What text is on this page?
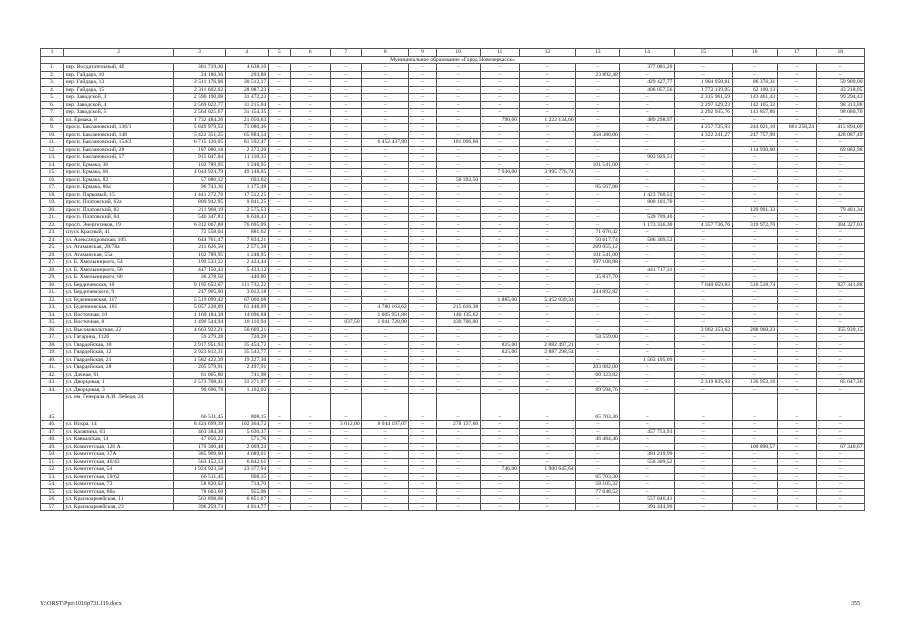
1	2	3	4	5	6	7	8	9	10	11	12	13	14	15	16	17	18
Муниципальное образование «Город Новочеркасск»																	
1.	пер. Восдатательный, 4б	381 719,30	4 638,10	–	–	–	–	–	–	–	–	–	377 081,20	–	–	–	–
2.	пер. Гайдара, 10	24 186,36	293,88	–	–	–	–	–	–	–	–	23 892,48	–	–	–	–	–
3.	пер. Гайдара, 13	2 511 176,06	30 512,17	–	–	–	–	–	–	–	–	–	429 427,77	1 904 950,81	86 376,31	–	59 909,00
4.	пер. Гайдара, 15	2 311 602,02	28 087,23	–	–	–	–	–	–	–	–	–	406 057,56	1 772 139,05	62 100,13	–	43 218,05
5.	пер. Заводской, 3	2 590 190,08	31 472,23	–	–	–	–	–	–	–	–	–	–	2 315 961,59	143 461,43	–	99 294,43
6.	пер. Заводской, 4	2 569 022,77	31 215,04	–	–	–	–	–	–	–	–	–	–	2 297 329,23	142 165,32	–	98 313,08
7.	пер. Заводской, 5	2 564 025,67	31 154,35	–	–	–	–	–	–	–	–	–	–	2 292 935,76	141 857,86	–	98 080,70
8.	пл. Ермака, 8	1 732 484,26	21 050,63	–	–	–	–	–	–	790,00	1 222 134,66	–	489 298,97	–	–	–	–
9.	просп. Баклановский, 136/1	5 849 979,52	71 080,46	–	–	–	–	–	–	–	–	–	–	4 257 725,93	244 021,10	861 258,24	415 894,09
10.	просп. Баклановский, 148	5 422 351,25	65 884,54	–	–	–	–	–	–	–	–	358 380,06	–	4 322 241,27	247 757,99	–	428 087,49
11.	просп. Баклановский, 154/2	6 715 126,05	81 592,47	–	–	–	6 452 437,80	–	181 096,68	–	–	–	–	–	–	–	–
12.	просп. Баклановский, 28	187 086,18	2 273,20	–	–	–	–	–	–	–	–	–	–	–	114 930,00	–	69 882,98
13.	просп. Баклановский, 57	915 047,84	11 118,33	–	–	–	–	–	–	–	–	–	903 929,51	–	–	–	–
14.	просп. Ермака, 36	102 789,95	1 248,95	–	–	–	–	–	–	–	–	101 541,00	–	–	–	–	–
15.	просп. Ермака, 66	4 044 924,79	49 148,05	–	–	–	–	–	–	7 936,00	3 995 776,74	–	–	–	–	–	–
16.	просп. Ермака, 82	57 086,12	693,62	–	–	–	–	–	56 392,50	–	–	–	–	–	–	–	–
17.	просп. Ермака, 86а	96 743,36	1 175,48	–	–	–	–	–	–	–	–	95 567,88	–	–	–	–	–
18.	просп. Парковый, 15	1 441 272,76	17 512,25	–	–	–	–	–	–	–	–	–	1 423 760,51	–	–	–	–
19.	просп. Платовский, 62а	809 942,95	9 841,25	–	–	–	–	–	–	–	–	–	800 101,70	–	–	–	–
20.	просп. Платовский, 82	211 968,19	2 575,53	–	–	–	–	–	–	–	–	–	–	–	129 991,32	–	79 401,34
21.	просп. Платовский, 84	546 347,83	6 638,43	–	–	–	–	–	–	–	–	–	539 709,40	–	–	–	–
22.	просп. Энергетиков, 19	6 312 067,88	76 695,09	–	–	–	–	–	–	–	–	–	1 173 336,30	4 357 736,76	319 972,70	–	384 327,03
23.	спуск Красный, 41	72 558,04	881,62	–	–	–	–	–	–	–	–	71 676,42	–	–	–	–	–
24.	ул. Александровская, 105	644 761,47	7 834,21	–	–	–	–	–	–	–	–	50 617,74	586 309,52	–	–	–	–
25.	ул. Атаманская, 28/78а	211 626,50	2 571,38	–	–	–	–	–	–	–	–	209 055,12	–	–	–	–	–
26.	ул. Атаманская, 55а	102 789,95	1 248,95	–	–	–	–	–	–	–	–	101 541,00	–	–	–	–	–
27.	ул. Б. Хмельницкого, 54	199 533,32	2 424,44	–	–	–	–	–	–	–	–	197 108,88	–	–	–	–	–
28.	ул. Б. Хмельницкого, 56	447 150,43	5 433,12	–	–	–	–	–	–	–	–	–	441 717,31	–	–	–	–
29.	ул. Б. Хмельницкого, 66	36 278,50	440,80	–	–	–	–	–	–	–	–	35 837,70	–	–	–	–	–
30.	ул. Бердичевская, 10	9 195 652,67	111 732,22	–	–	–	–	–	–	–	–	–	–	7 640 059,83	516 518,74	–	927 341,88
31.	ул. Бердичевского, 9	247 905,00	3 012,18	–	–	–	–	–	–	–	–	244 892,82	–	–	–	–	–
32.	ул. Буденновская, 117	5 519 099,42	67 060,08	–	–	–	–	–	–	1 885,00	5 452 039,34	–	–	–	–	–	–
33.	ул. Буденновская, 161	5 057 228,09	61 448,09	–	–	–	4 780 163,62	–	215 616,38	–	–	–	–	–	–	–	–
34.	ул. Восточная, 10	1 160 184,38	14 096,88	–	–	–	1 005 951,88	–	140 135,62	–	–	–	–	–	–	–	–
35.	ул. Восточная, 8	1 490 544,94	18 110,94	–	–	837,50	1 041 728,00	–	430 706,00	–	–	–	–	–	–	–	–
36.	ул. Высоковольтная, 22	4 663 922,21	56 669,21	–	–	–	–	–	–	–	–	–	–	3 962 353,62	288 960,23	–	355 939,15
37.	ул. Гагарина, 112б	59 279,28	720,28	–	–	–	–	–	–	–	–	58 559,00	–	–	–	–	–
38.	ул. Гвардейская, 10	2 917 951,93	35 454,72	–	–	–	–	–	–	825,00	2 882 497,21	–	–	–	–	–	–
39.	ул. Гвардейская, 12	2 923 812,31	35 543,77	–	–	–	–	–	–	825,00	2 887 298,54	–	–	–	–	–	–
40.	ул. Гвардейская, 21	1 582 422,39	19 227,30	–	–	–	–	–	–	–	–	–	1 563 195,09	–	–	–	–
41.	ул. Гвардейская, 28	205 579,91	2 497,91	–	–	–	–	–	–	–	–	203 082,00	–	–	–	–	–
42.	ул. Дачная, 61	61 065,80	741,98	–	–	–	–	–	–	–	–	60 323,82	–	–	–	–	–
43.	ул. Дворцовая, 1	2 573 708,41	31 271,97	–	–	–	–	–	–	–	–	–	–	2 319 835,92	136 953,16	–	85 647,36
44.	ул. Дворцовая, 3	90 696,78	1 102,02	–	–	–	–	–	–	–	–	89 594,76	–	–	–	–	–
45.	ул. им. Генерала А.И. Лебедя, 24	66 511,45	808,15	–	–	–	–	–	–	–	–	65 703,30	–	–	–	–	–
46.	ул. Искра, 14	8 424 699,39	102 364,72	–	–	3 012,00	8 044 197,07	–	278 137,60	–	–	–	–	–	–	–	–
47.	ул. Каляпина, 63	463 384,30	5 630,37	–	–	–	–	–	–	–	–	–	457 753,93	–	–	–	–
48.	ул. Кавказская, 14	47 056,22	571,76	–	–	–	–	–	–	–	–	46 484,46	–	–	–	–	–
49.	ул. Комитетская, 126 А	170 300,48	2 069,24	–	–	–	–	–	–	–	–	–	–	–	100 890,57	–	67 340,67
50.	ул. Комитетская, 37А	385 909,00	4 689,01	–	–	–	–	–	–	–	–	–	381 219,99	–	–	–	–
51.	ул. Комитетская, 46/43	563 152,13	6 842,61	–	–	–	–	–	–	–	–	–	556 309,52	–	–	–	–
52.	ул. Комитетская, 54	1 924 923,58	23 377,94	–	–	–	–	–	–	746,00	1 900 645,64	–	–	–	–	–	–
53.	ул. Комитетская, 59/62	66 511,45	808,15	–	–	–	–	–	–	–	–	65 703,30	–	–	–	–	–
54.	ул. Комитетская, 73	58 820,02	714,70	–	–	–	–	–	–	–	–	58 105,32	–	–	–	–	–
55.	ул. Комитетская, 80а	78 603,60	955,08	–	–	–	–	–	–	–	–	77 648,52	–	–	–	–	–
56.	ул. Красноармейская, 11	563 898,08	6 851,67	–	–	–	–	–	–	–	–	–	557 046,41	–	–	–	–
57.	ул. Красноармейская, 23	396 259,73	4 814,77	–	–	–	–	–	–	–	–	–	391 444,96	–	–	–	–
Y:\ORST\Ppo\1016p731.f19.docx	355
